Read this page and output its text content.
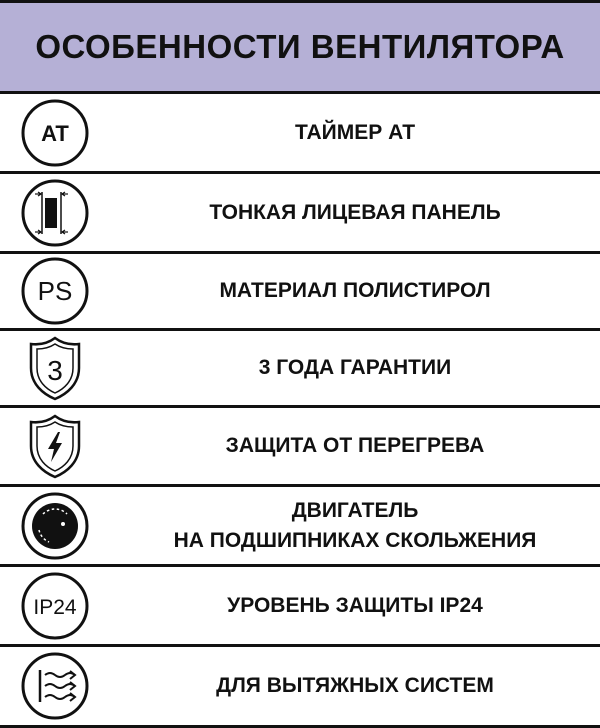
ОСОБЕННОСТИ ВЕНТИЛЯТОРА
AT	ТАЙМЕР АТ
ТОНКАЯ ЛИЦЕВАЯ ПАНЕЛЬ
PS	МАТЕРИАЛ ПОЛИСТИРОЛ
3	3 ГОДА ГАРАНТИИ
ЗАЩИТА ОТ ПЕРЕГРЕВА
ДВИГАТЕЛЬ
НА ПОДШИПНИКАХ СКОЛЬЖЕНИЯ
IP24	УРОВЕНЬ ЗАЩИТЫ IP24
ДЛЯ ВЫТЯЖНЫХ СИСТЕМ
